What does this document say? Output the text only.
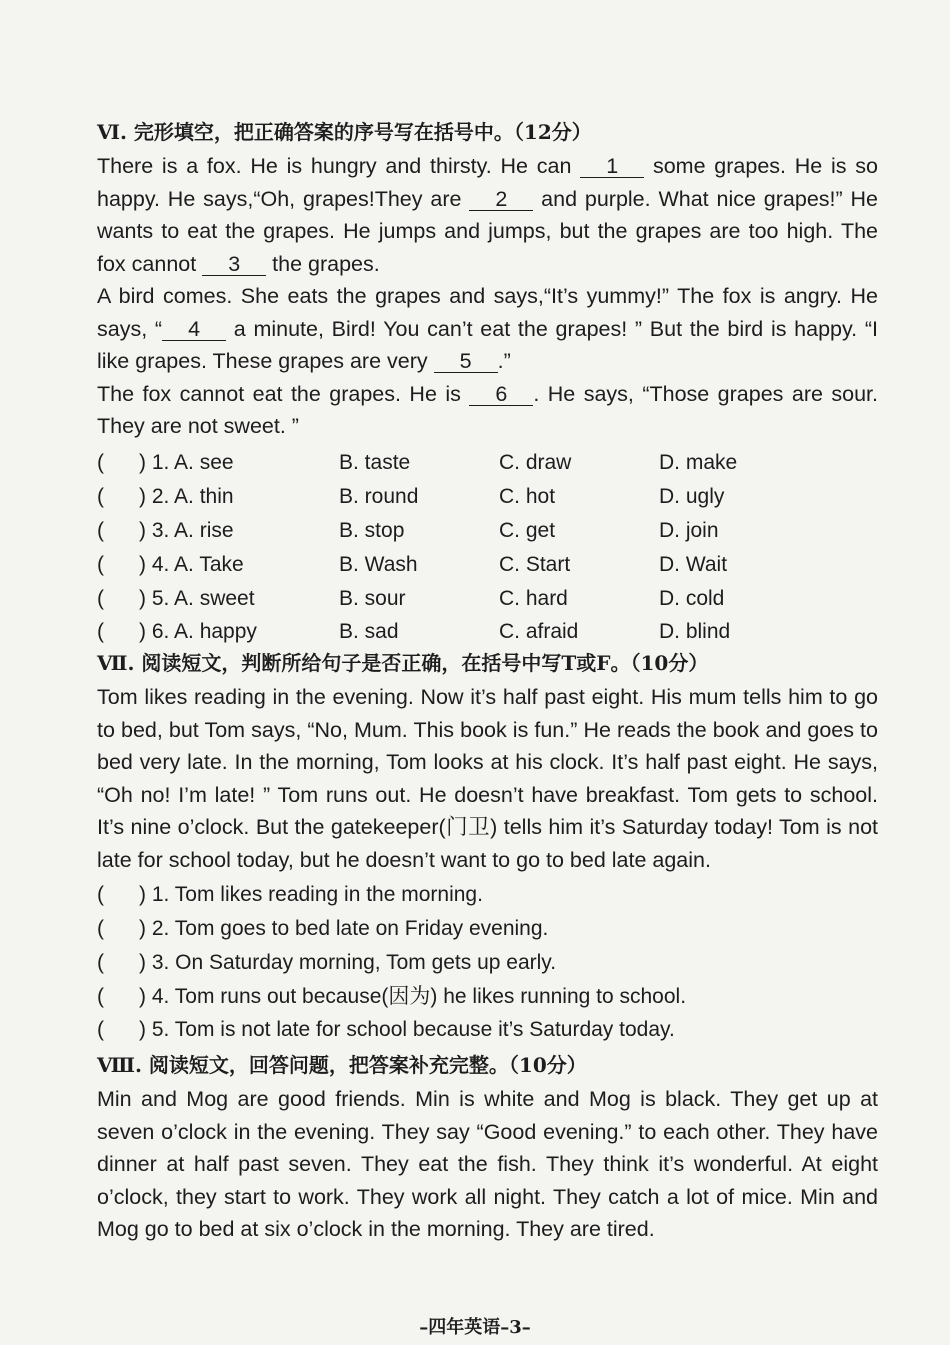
Ⅵ. 完形填空，把正确答案的序号写在括号中。（12分）

There is a fox. He is hungry and thirsty. He can 1 some grapes. He is so happy. He says,“Oh, grapes!They are 2 and purple. What nice grapes!” He wants to eat the grapes. He jumps and jumps, but the grapes are too high. The fox cannot 3 the grapes.
A bird comes. She eats the grapes and says,“It’s yummy!” The fox is angry. He says, “ 4 a minute, Bird! You can’t eat the grapes! ” But the bird is happy. “I like grapes. These grapes are very 5 .”
The fox cannot eat the grapes. He is 6 . He says, “Those grapes are sour. They are not sweet. ”

(	) 1. A. see	B. taste	C. draw	D. make
(	) 2. A. thin	B. round	C. hot	D. ugly
(	) 3. A. rise	B. stop	C. get	D. join
(	) 4. A. Take	B. Wash	C. Start	D. Wait
(	) 5. A. sweet	B. sour	C. hard	D. cold
(	) 6. A. happy	B. sad	C. afraid	D. blind
Ⅶ. 阅读短文，判断所给句子是否正确，在括号中写T或F。（10分）

Tom likes reading in the evening. Now it’s half past eight. His mum tells him to go to bed, but Tom says, “No, Mum. This book is fun.” He reads the book and goes to bed very late. In the morning, Tom looks at his clock. It’s half past eight. He says, “Oh no! I’m late! ” Tom runs out. He doesn’t have breakfast. Tom gets to school. It’s nine o’clock. But the gatekeeper(门卫) tells him it’s Saturday today! Tom is not late for school today, but he doesn’t want to go to bed late again.

( ) 1. Tom likes reading in the morning.
( ) 2. Tom goes to bed late on Friday evening.
( ) 3. On Saturday morning, Tom gets up early.
( ) 4. Tom runs out because(因为) he likes running to school.
( ) 5. Tom is not late for school because it’s Saturday today.
Ⅷ. 阅读短文，回答问题，把答案补充完整。（10分）

Min and Mog are good friends. Min is white and Mog is black. They get up at seven o’clock in the evening. They say “Good evening.” to each other. They have dinner at half past seven. They eat the fish. They think it’s wonderful. At eight o’clock, they start to work. They work all night. They catch a lot of mice. Min and Mog go to bed at six o’clock in the morning. They are tired.

–四年英语–3–
